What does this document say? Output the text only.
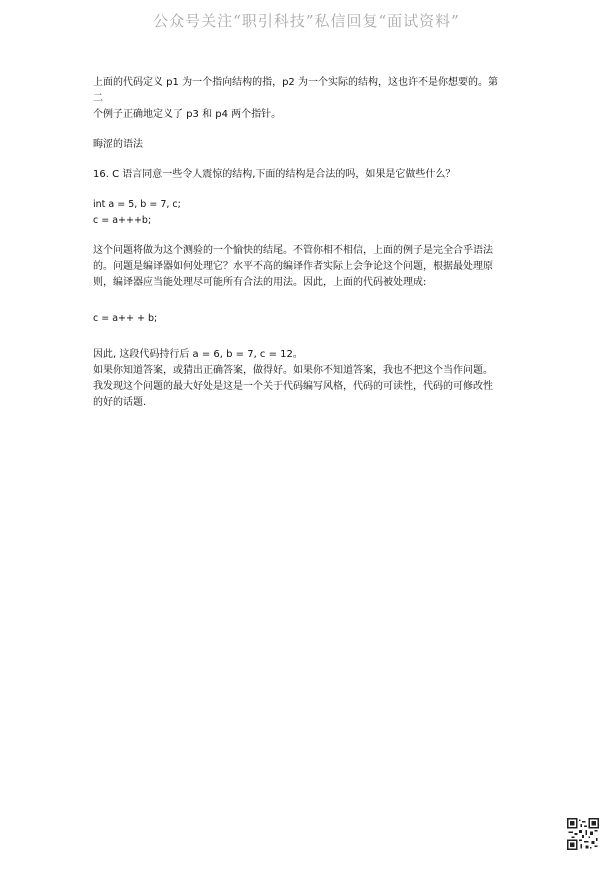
公众号关注“职引科技”私信回复“面试资料”

上面的代码定义 p1 为一个指向结构的指，p2 为一个实际的结构，这也许不是你想要的。第

二

个例子正确地定义了 p3 和 p4 两个指针。

晦涩的语法

16. C 语言同意一些令人震惊的结构,下面的结构是合法的吗，如果是它做些什么？

int a = 5, b = 7, c;

c = a+++b;

这个问题将做为这个测验的一个愉快的结尾。不管你相不相信，上面的例子是完全合乎语法

的。问题是编译器如何处理它？水平不高的编译作者实际上会争论这个问题，根据最处理原

则，编译器应当能处理尽可能所有合法的用法。因此，上面的代码被处理成:

c = a++ + b;

因此, 这段代码持行后 a = 6, b = 7, c = 12。

如果你知道答案，或猜出正确答案，做得好。如果你不知道答案，我也不把这个当作问题。

我发现这个问题的最大好处是这是一个关于代码编写风格，代码的可读性，代码的可修改性

的好的话题.
